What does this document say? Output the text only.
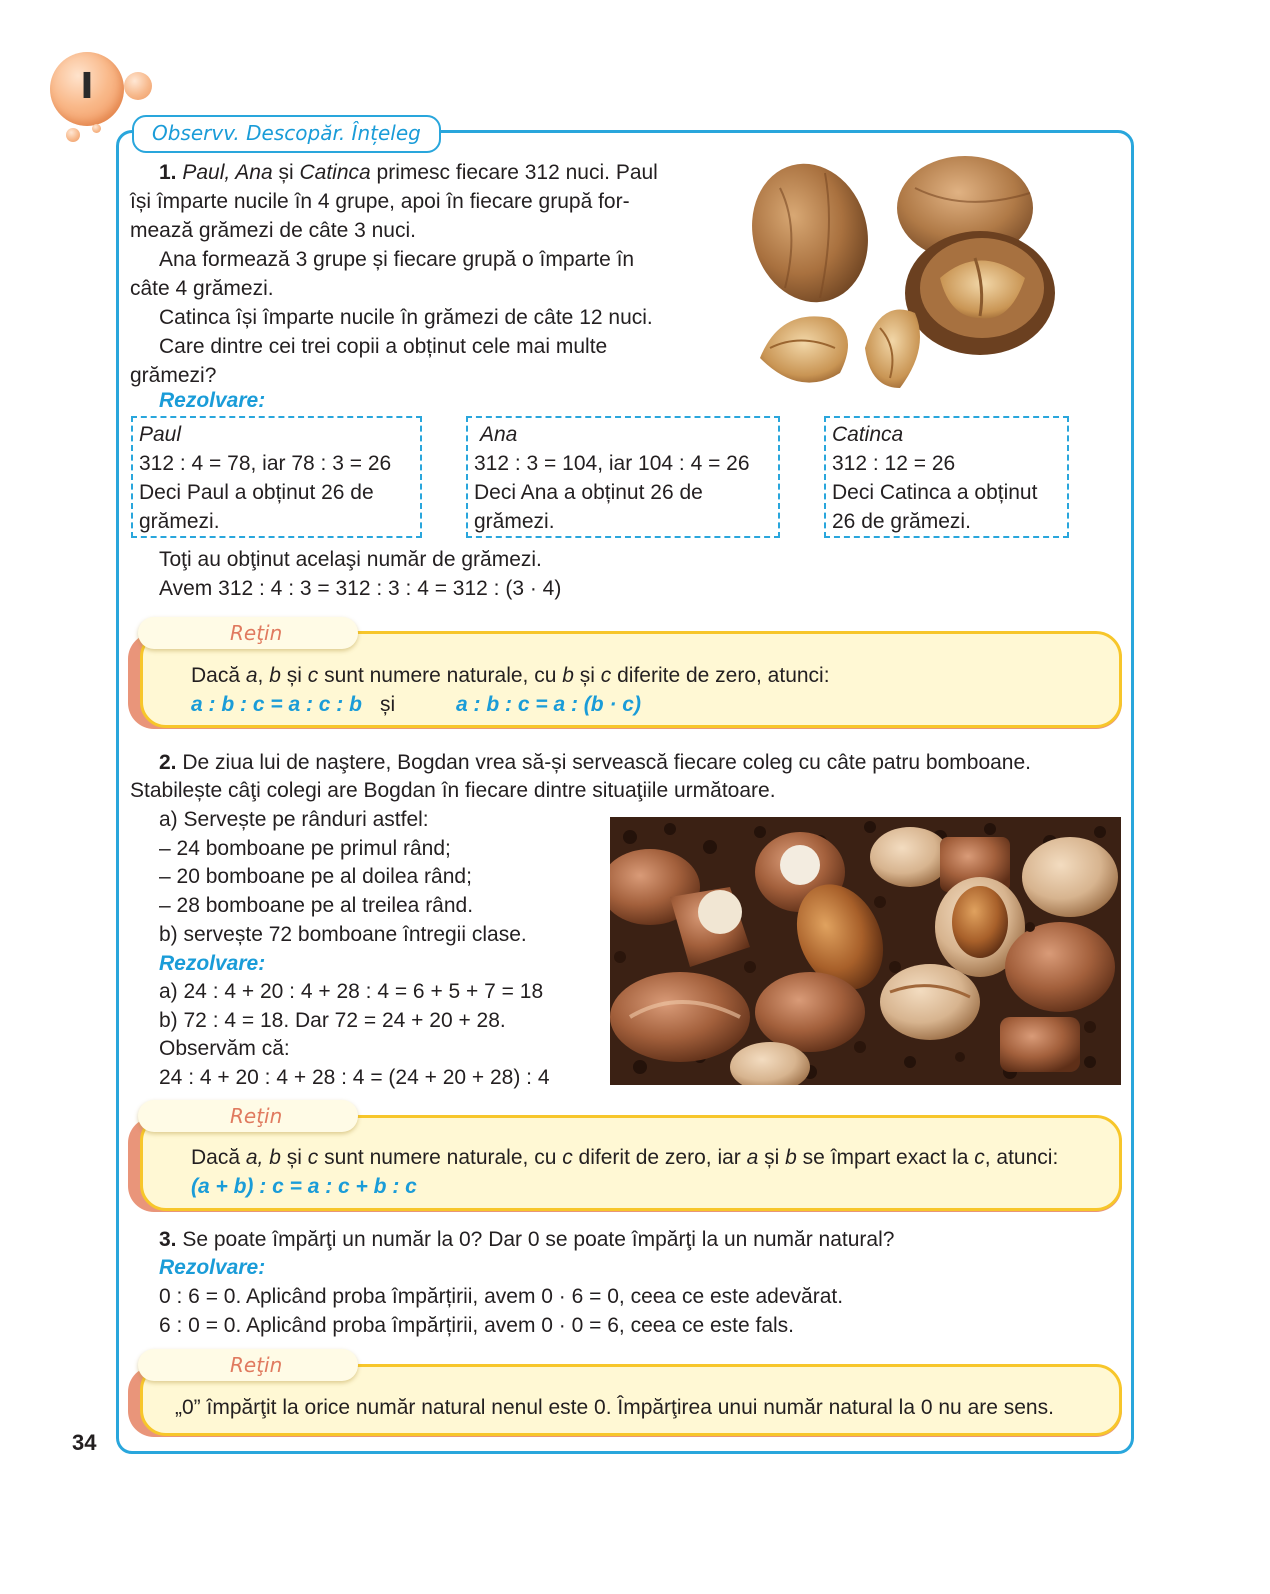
I
Observv. Descopăr. Înțeleg
34
1. Paul, Ana și Catinca primesc fiecare 312 nuci. Paul
își împarte nucile în 4 grupe, apoi în fiecare grupă for-
mează grămezi de câte 3 nuci.
Ana formează 3 grupe și fiecare grupă o împarte în
câte 4 grămezi.
Catinca își împarte nucile în grămezi de câte 12 nuci.
Care dintre cei trei copii a obținut cele mai multe
grămezi?
Rezolvare:
Paul
312 : 4 = 78, iar 78 : 3 = 26
Deci Paul a obținut 26 de
grămezi.
Ana
312 : 3 = 104, iar 104 : 4 = 26
Deci Ana a obținut 26 de
grămezi.
Catinca
312 : 12 = 26
Deci Catinca a obținut
26 de grămezi.
Toţi au obţinut acelaşi număr de grămezi.
Avem 312 : 4 : 3 = 312 : 3 : 4 = 312 : (3 · 4)
Reţin
Dacă a, b și c sunt numere naturale, cu b și c diferite de zero, atunci:
a : b : c = a : c : b și	a : b : c = a : (b · c)
2. De ziua lui de naştere, Bogdan vrea să-și servească fiecare coleg cu câte patru bomboane.
Stabilește câţi colegi are Bogdan în fiecare dintre situaţiile următoare.
a) Servește pe rânduri astfel:
– 24 bomboane pe primul rând;
– 20 bomboane pe al doilea rând;
– 28 bomboane pe al treilea rând.
b) servește 72 bomboane întregii clase.
Rezolvare:
a) 24 : 4 + 20 : 4 + 28 : 4 = 6 + 5 + 7 = 18
b) 72 : 4 = 18. Dar 72 = 24 + 20 + 28.
Observăm că:
24 : 4 + 20 : 4 + 28 : 4 = (24 + 20 + 28) : 4
Reţin
Dacă a, b și c sunt numere naturale, cu c diferit de zero, iar a și b se împart exact la c, atunci:
(a + b) : c = a : c + b : c
3. Se poate împărţi un număr la 0? Dar 0 se poate împărţi la un număr natural?
Rezolvare:
0 : 6 = 0. Aplicând proba împărțirii, avem 0 · 6 = 0, ceea ce este adevărat.
6 : 0 = 0. Aplicând proba împărțirii, avem 0 · 0 = 6, ceea ce este fals.
Reţin
„0” împărţit la orice număr natural nenul este 0. Împărţirea unui număr natural la 0 nu are sens.
